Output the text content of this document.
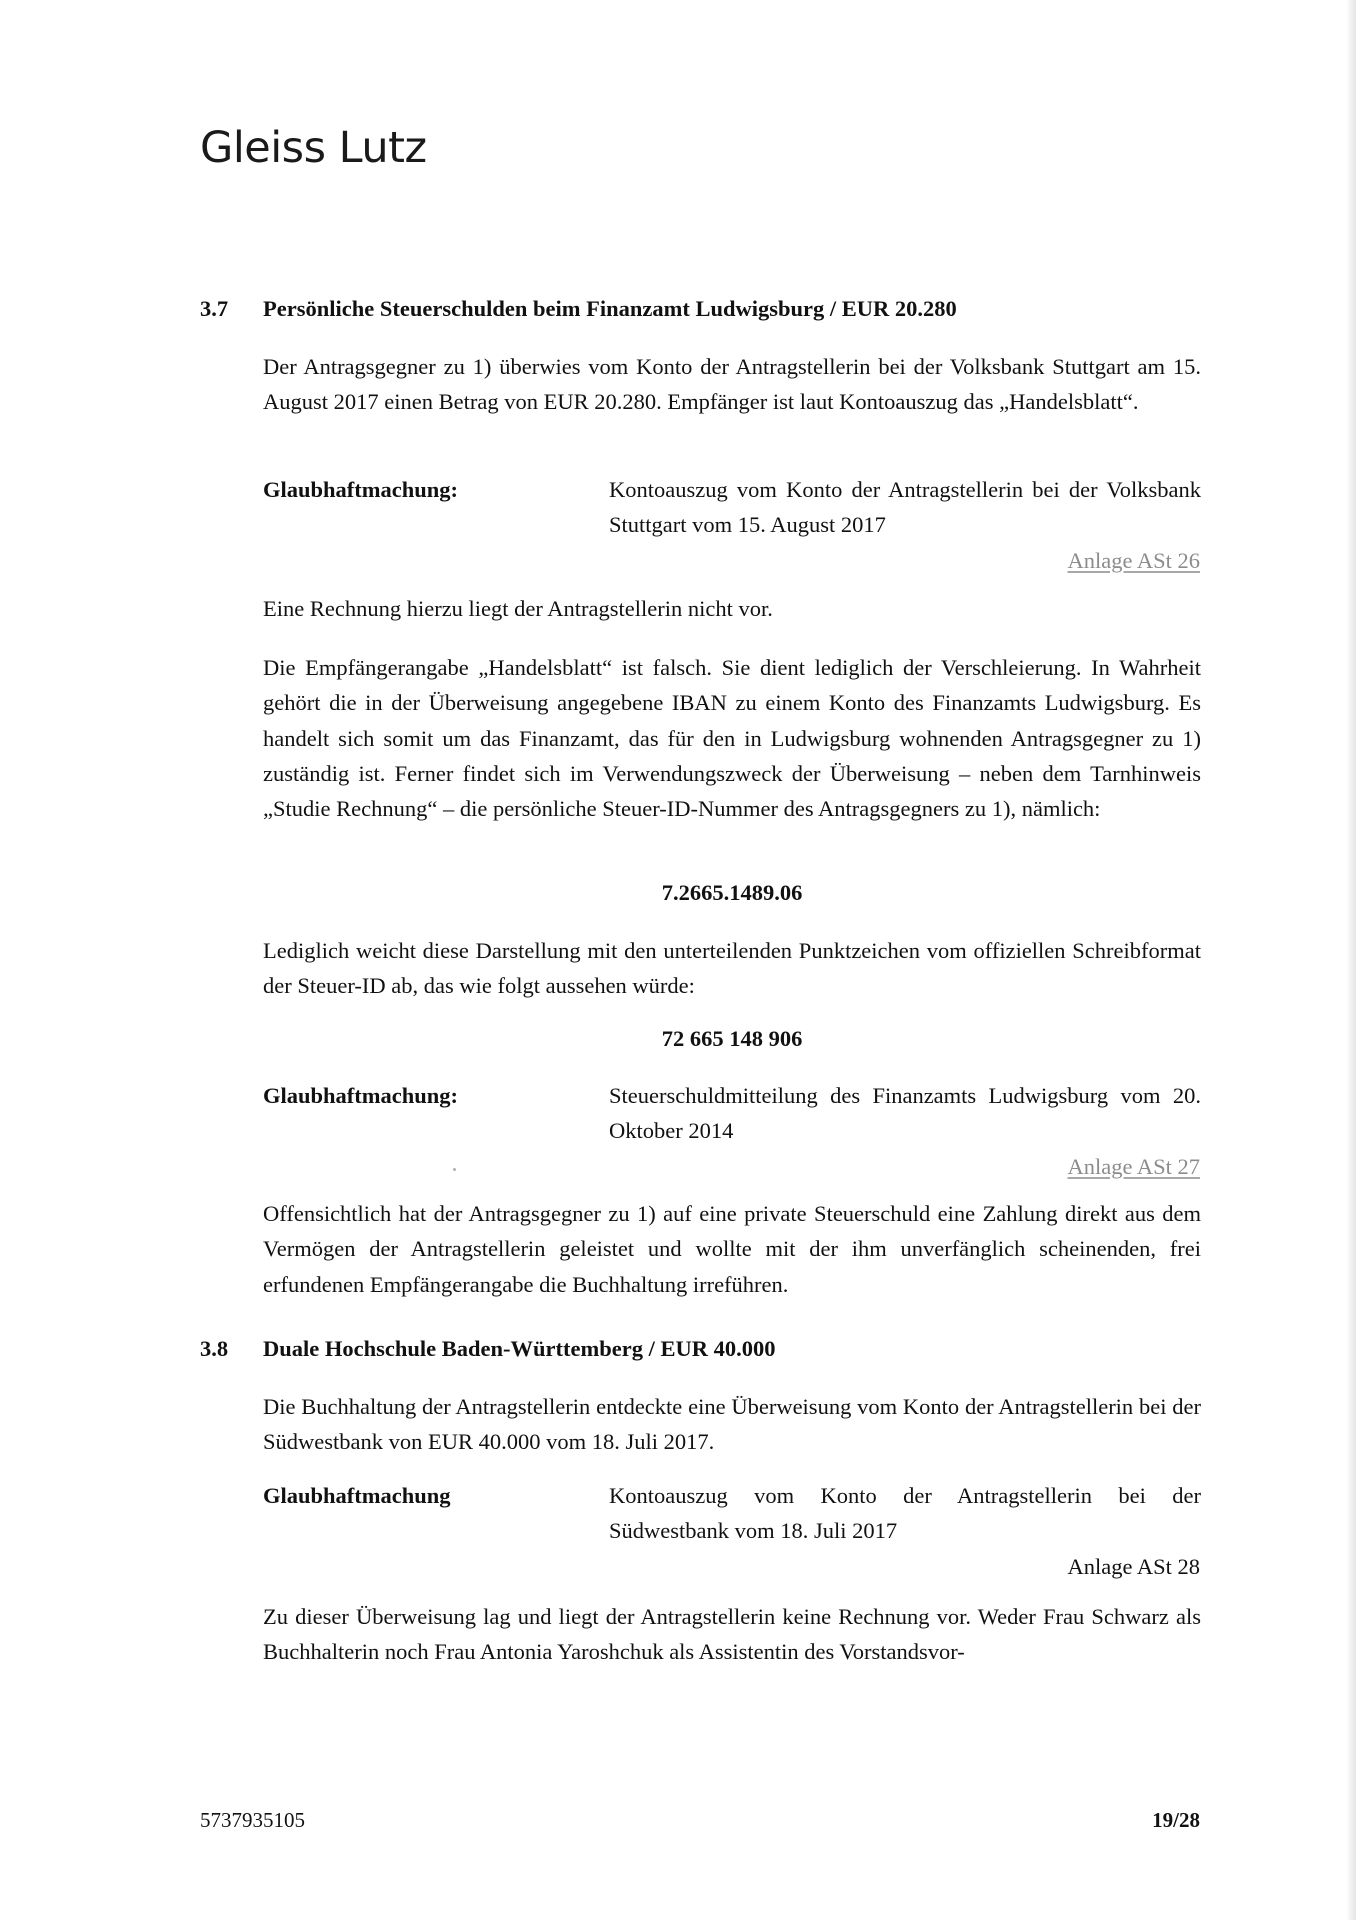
Gleiss Lutz
3.7 Persönliche Steuerschulden beim Finanzamt Ludwigsburg / EUR 20.280

Der Antragsgegner zu 1) überwies vom Konto der Antragstellerin bei der Volksbank Stuttgart am 15. August 2017 einen Betrag von EUR 20.280. Empfänger ist laut Kontoauszug das „Handelsblatt“.

Glaubhaftmachung:	Kontoauszug vom Konto der Antragstellerin bei der Volksbank Stuttgart vom 15. August 2017

Anlage ASt 26

Eine Rechnung hierzu liegt der Antragstellerin nicht vor.

Die Empfängerangabe „Handelsblatt“ ist falsch. Sie dient lediglich der Verschleierung. In Wahrheit gehört die in der Überweisung angegebene IBAN zu einem Konto des Finanzamts Ludwigsburg. Es handelt sich somit um das Finanzamt, das für den in Ludwigsburg wohnenden Antragsgegner zu 1) zuständig ist. Ferner findet sich im Verwendungszweck der Überweisung – neben dem Tarnhinweis „Studie Rechnung“ – die persönliche Steuer-ID-Nummer des Antragsgegners zu 1), nämlich:

7.2665.1489.06

Lediglich weicht diese Darstellung mit den unterteilenden Punktzeichen vom offiziellen Schreibformat der Steuer-ID ab, das wie folgt aussehen würde:

72 665 148 906
Glaubhaftmachung:	Steuerschuldmitteilung des Finanzamts Ludwigsburg vom 20. Oktober 2014

Anlage ASt 27

Offensichtlich hat der Antragsgegner zu 1) auf eine private Steuerschuld eine Zahlung direkt aus dem Vermögen der Antragstellerin geleistet und wollte mit der ihm unverfänglich scheinenden, frei erfundenen Empfängerangabe die Buchhaltung irreführen.

3.8 Duale Hochschule Baden-Württemberg / EUR 40.000

Die Buchhaltung der Antragstellerin entdeckte eine Überweisung vom Konto der Antragstellerin bei der Südwestbank von EUR 40.000 vom 18. Juli 2017.

Glaubhaftmachung	Kontoauszug vom Konto der Antragstellerin bei der Südwestbank vom 18. Juli 2017

Anlage ASt 28

Zu dieser Überweisung lag und liegt der Antragstellerin keine Rechnung vor. Weder Frau Schwarz als Buchhalterin noch Frau Antonia Yaroshchuk als Assistentin des Vorstandsvor-

5737935105	19/28
